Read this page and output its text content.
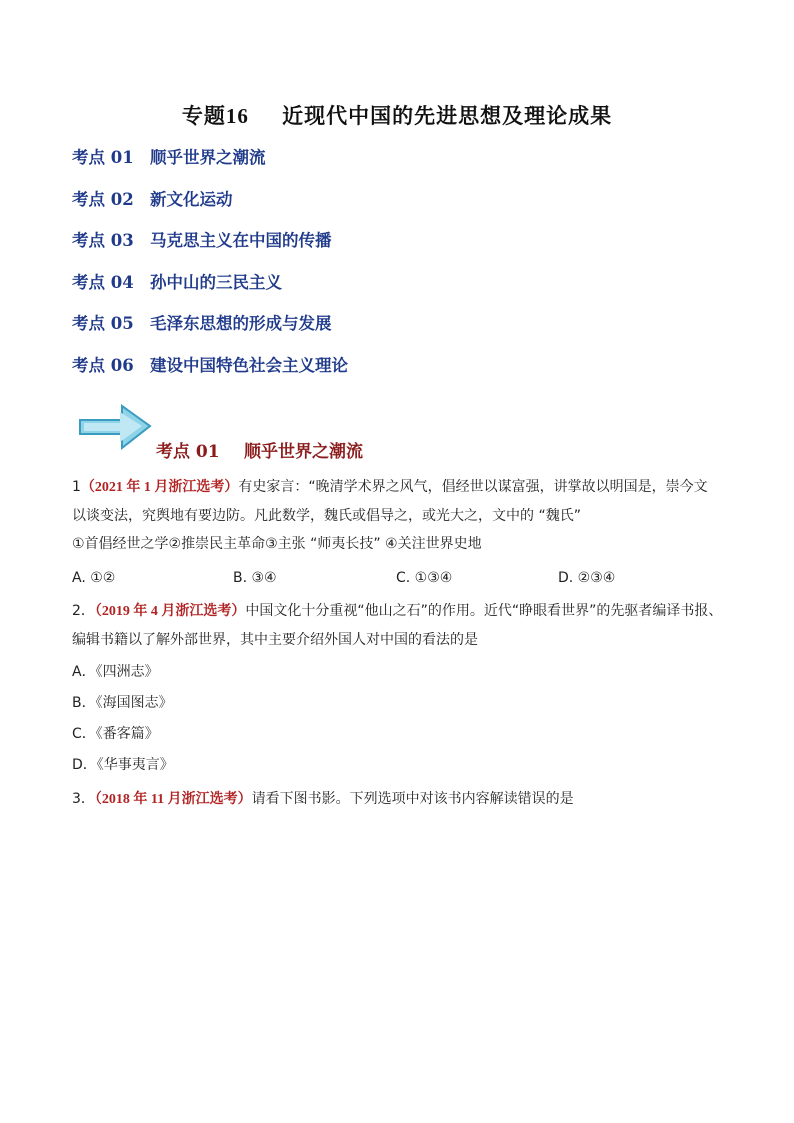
专题16 近现代中国的先进思想及理论成果
考点 01 顺乎世界之潮流
考点 02 新文化运动
考点 03 马克思主义在中国的传播
考点 04 孙中山的三民主义
考点 05 毛泽东思想的形成与发展
考点 06 建设中国特色社会主义理论
考点 01 顺乎世界之潮流
1（2021 年 1 月浙江选考）有史家言：“晚清学术界之风气，倡经世以谋富强，讲掌故以明国是，崇今文
以谈变法，究舆地有要边防。凡此数学，魏氏或倡导之，或光大之，文中的 “魏氏”
①首倡经世之学②推崇民主革命③主张 “师夷长技” ④关注世界史地
A. ①②	B. ③④	C. ①③④	D. ②③④
2．（2019 年 4 月浙江选考）中国文化十分重视“他山之石”的作用。近代“睁眼看世界”的先驱者编译书报、
编辑书籍以了解外部世界，其中主要介绍外国人对中国的看法的是
A．《四洲志》
B．《海国图志》
C．《番客篇》
D．《华事夷言》
3．（2018 年 11 月浙江选考）请看下图书影。下列选项中对该书内容解读错误的是
